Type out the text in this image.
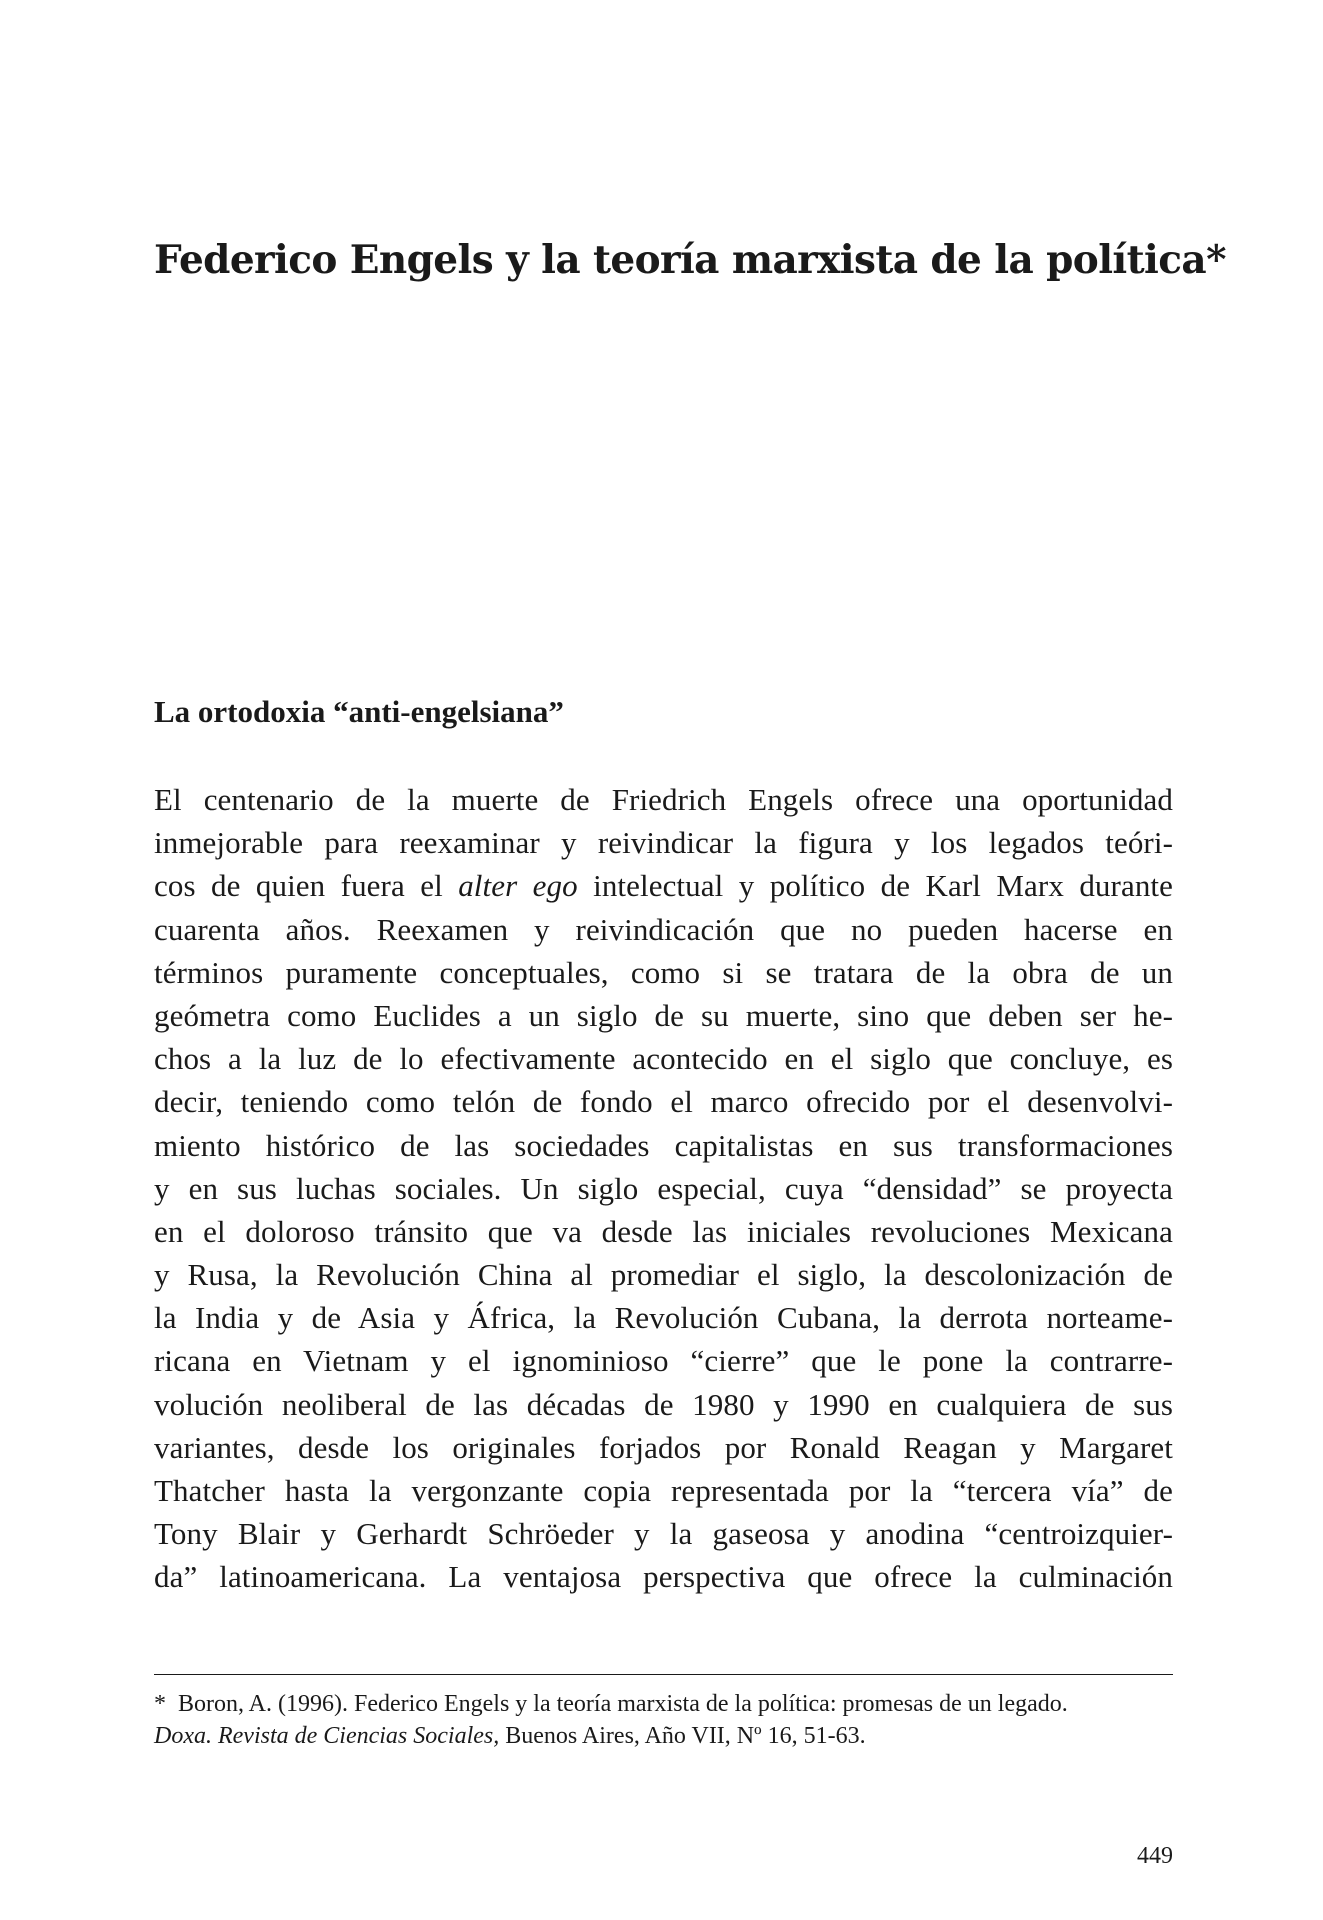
Federico Engels y la teoría marxista de la política*
La ortodoxia “anti-engelsiana”
El centenario de la muerte de Friedrich Engels ofrece una oportunidad
inmejorable para reexaminar y reivindicar la figura y los legados teóri-
cos de quien fuera el alter ego intelectual y político de Karl Marx durante
cuarenta años. Reexamen y reivindicación que no pueden hacerse en
términos puramente conceptuales, como si se tratara de la obra de un
geómetra como Euclides a un siglo de su muerte, sino que deben ser he-
chos a la luz de lo efectivamente acontecido en el siglo que concluye, es
decir, teniendo como telón de fondo el marco ofrecido por el desenvolvi-
miento histórico de las sociedades capitalistas en sus transformaciones
y en sus luchas sociales. Un siglo especial, cuya “densidad” se proyecta
en el doloroso tránsito que va desde las iniciales revoluciones Mexicana
y Rusa, la Revolución China al promediar el siglo, la descolonización de
la India y de Asia y África, la Revolución Cubana, la derrota norteame-
ricana en Vietnam y el ignominioso “cierre” que le pone la contrarre-
volución neoliberal de las décadas de 1980 y 1990 en cualquiera de sus
variantes, desde los originales forjados por Ronald Reagan y Margaret
Thatcher hasta la vergonzante copia representada por la “tercera vía” de
Tony Blair y Gerhardt Schröeder y la gaseosa y anodina “centroizquier-
da” latinoamericana. La ventajosa perspectiva que ofrece la culminación
* Boron, A. (1996). Federico Engels y la teoría marxista de la política: promesas de un legado.
Doxa. Revista de Ciencias Sociales, Buenos Aires, Año VII, Nº 16, 51-63.
449
